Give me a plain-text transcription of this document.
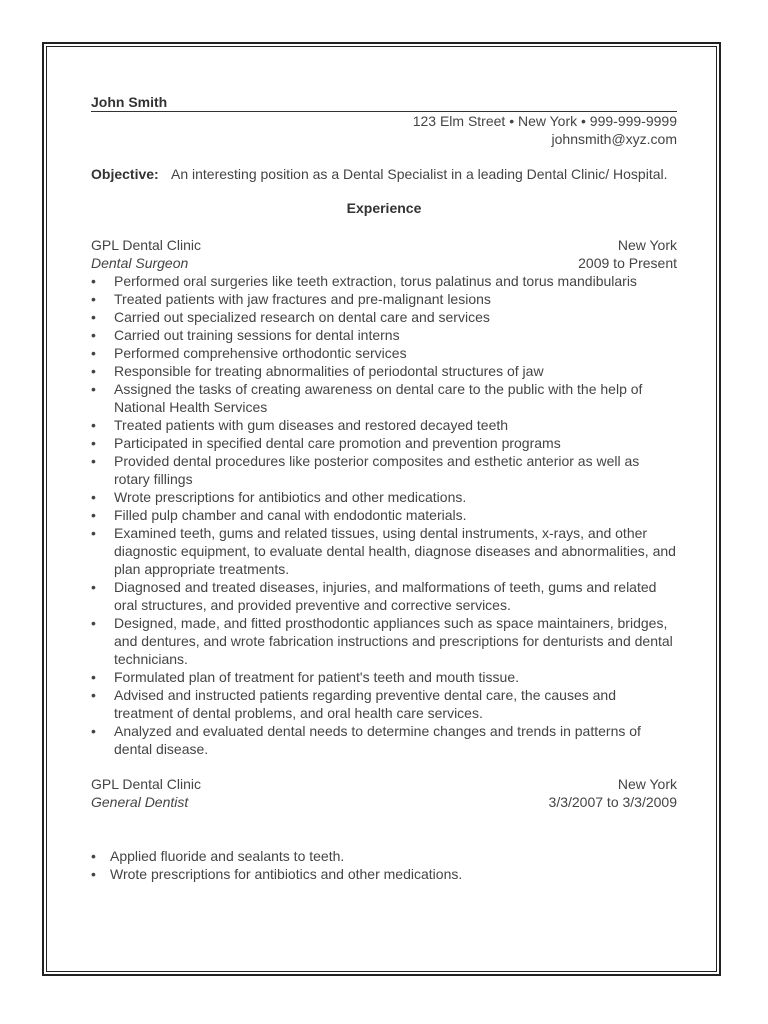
John Smith
123 Elm Street • New York • 999-999-9999
johnsmith@xyz.com
Objective: An interesting position as a Dental Specialist in a leading Dental Clinic/ Hospital.
Experience
GPL Dental Clinic	New York
Dental Surgeon	2009 to Present
• Performed oral surgeries like teeth extraction, torus palatinus and torus mandibularis
• Treated patients with jaw fractures and pre-malignant lesions
• Carried out specialized research on dental care and services
• Carried out training sessions for dental interns
• Performed comprehensive orthodontic services
• Responsible for treating abnormalities of periodontal structures of jaw
• Assigned the tasks of creating awareness on dental care to the public with the help of National Health Services
• Treated patients with gum diseases and restored decayed teeth
• Participated in specified dental care promotion and prevention programs
• Provided dental procedures like posterior composites and esthetic anterior as well as rotary fillings
• Wrote prescriptions for antibiotics and other medications.
• Filled pulp chamber and canal with endodontic materials.
• Examined teeth, gums and related tissues, using dental instruments, x-rays, and other diagnostic equipment, to evaluate dental health, diagnose diseases and abnormalities, and plan appropriate treatments.
• Diagnosed and treated diseases, injuries, and malformations of teeth, gums and related oral structures, and provided preventive and corrective services.
• Designed, made, and fitted prosthodontic appliances such as space maintainers, bridges, and dentures, and wrote fabrication instructions and prescriptions for denturists and dental technicians.
• Formulated plan of treatment for patient's teeth and mouth tissue.
• Advised and instructed patients regarding preventive dental care, the causes and treatment of dental problems, and oral health care services.
• Analyzed and evaluated dental needs to determine changes and trends in patterns of dental disease.
GPL Dental Clinic	New York
General Dentist	3/3/2007 to 3/3/2009
• Applied fluoride and sealants to teeth.
• Wrote prescriptions for antibiotics and other medications.
